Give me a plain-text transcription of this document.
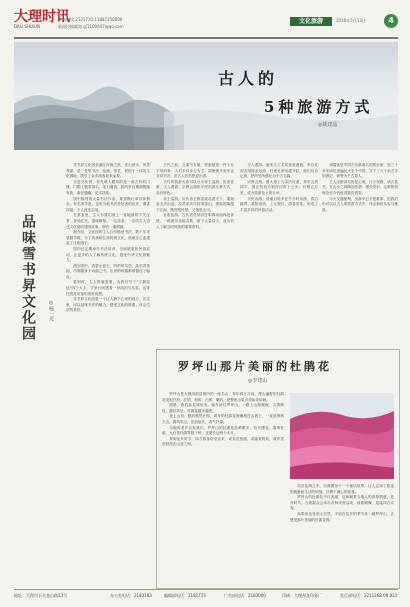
大理时讯
DALI SHIXUN
新闻热线 2121710 13887258096
新闻投稿邮箱 gl1100647@qq.com
文化旅游	2016年5月13日	4
古人的
5种旅游方式
◎姚建晶

古代之前，交通不方便，旅游就是一件十分不易的事，人们多以步行为主，即使骑马坐车也非常辛苦，但古人依然热爱出游。

古代的旅游大致可以分为帝王巡游、官吏宦游、文人漫游、宗教云游和平民出游几种方式，各有特色。

帝王巡游。历代帝王都喜欢巡游天下，秦始皇五次出巡，汉武帝多次封禅泰山，康熙乾隆屡下江南，既视察民情，又饱览山川。

官吏宦游。古代官员常因任职调动而四处奔波，一路游历各地名胜，留下大量诗文，成为后人了解当时风物的重要资料。

文人漫游。唐宋文人尤其喜爱漫游，李白仗剑去国辞亲远游，杜甫壮游吴越齐赵，他们以诗记游，把所见所感化为千古名篇。

宗教云游。僧人道士为求法访道，常年云游四方，唐玄奘西行取经历时十七年，行程五万里，成为旅游史上的壮举。

平民出游。普通百姓多在节令时出游，春日踏青、重阳登高、上元观灯，游春赏花，形成了丰富多彩的民俗活动。

徐霞客是中国古代最著名的旅行家，他三十多年间足迹遍及大半个中国，写下了六十余万字的游记，被誉为千古奇人。

古人出游讲究的是心境，行万里路，读万卷书，在山水之间陶冶性情，增长见识，这种旅游理念至今仍值得我们借鉴。

今天交通便利，出游早已不是难事，但我们仍可以从古人的旅游方式中，体会那份从容与雅致。

品味雪书昇文化园	◎杨一光

雪书昇文化园坐落在洱海之滨，依山傍水，风景秀丽，是一处集书法、绘画、茶艺、民俗于一体的文化园地，吸引了众多游客前来参观。

走进文化园，首先映入眼帘的是一座古朴的门楼，门楣上题着园名，笔力遒劲。园内亭台楼阁错落有致，曲径通幽，花木扶疏。

园中陈列着大量书法作品，篆隶楷行草各体俱全，有名家手迹，也有当地书法爱好者的佳作，墨香四溢，令人流连忘返。

在茶室里，主人为我们沏上一壶地道的下关沱茶，茶汤红亮，滋味醇厚。一边品茶，一边听主人讲述文化园的建园故事，别有一番情趣。

据介绍，文化园的主人自幼酷爱书法，数十年来笔耕不辍，为了传承和弘扬传统文化，他倾注心血建起了这座园子。

园内还定期举办书法培训、书画展览和民俗活动，让更多的人了解传统文化，感受中华文化的魅力。

漫步园中，看碧水蓝天，听松风鸟语，品书香茶韵，仿佛置身于诗画之中，尘世的喧嚣都被抛在了脑后。

临别时，主人挥毫泼墨，为我们写下"宁静致远"四个大字，字里行间透着一份淡泊与从容，也寄托着对来客的美好祝愿。

雪书昇文化园是一个让人静下心来的地方，在这里，可以品味书法的魅力，感受文化的厚重，体会生活的美好。

罗坪山那片美丽的杜鹃花
◎李建山

罗坪山是大理洱源县境内的一座名山，每年四五月间，漫山遍野的杜鹃花竞相开放，红的、粉的、白的、紫的，把整座山装点得如诗如画。

清晨，我们从县城出发，驱车前往罗坪山。一路上山路蜿蜒，云雾缭绕，越往高处，杜鹃花越多越密。

登上山顶，眼前豁然开朗，成片的杜鹃花海铺展在山坡上，一直延伸到天边，微风吹过，花浪起伏，香气扑鼻。

当地的老乡告诉我们，罗坪山的杜鹃花品种繁多，有马缨花、露珠杜鹃、大白花杜鹃等数十种，花期长达两个多月。

每到花开时节，四方游客纷至沓来，或赏花拍照，或踏青野炊，欢声笑语回荡在山谷之间。

站在花海之中，仿佛置身于一个童话世界，让人忘却了旅途的疲惫和生活的烦恼，只剩下满心的欢喜。

罗坪山的杜鹃花不仅美丽，还承载着当地人的深厚情感，花开时节，白族群众会举办各种庆祝活动，载歌载舞，迎接四方宾客。

如果你也喜欢大自然，不妨在花开的季节来一趟罗坪山，去感受那片美丽的杜鹃花海。

地址：大理市下关苍山路23号	办公室电话：2183183	编辑部电话：2181773	广告部电话：2183000	印刷：大理州龙印务厂	发行部电话：2211268 09 813
